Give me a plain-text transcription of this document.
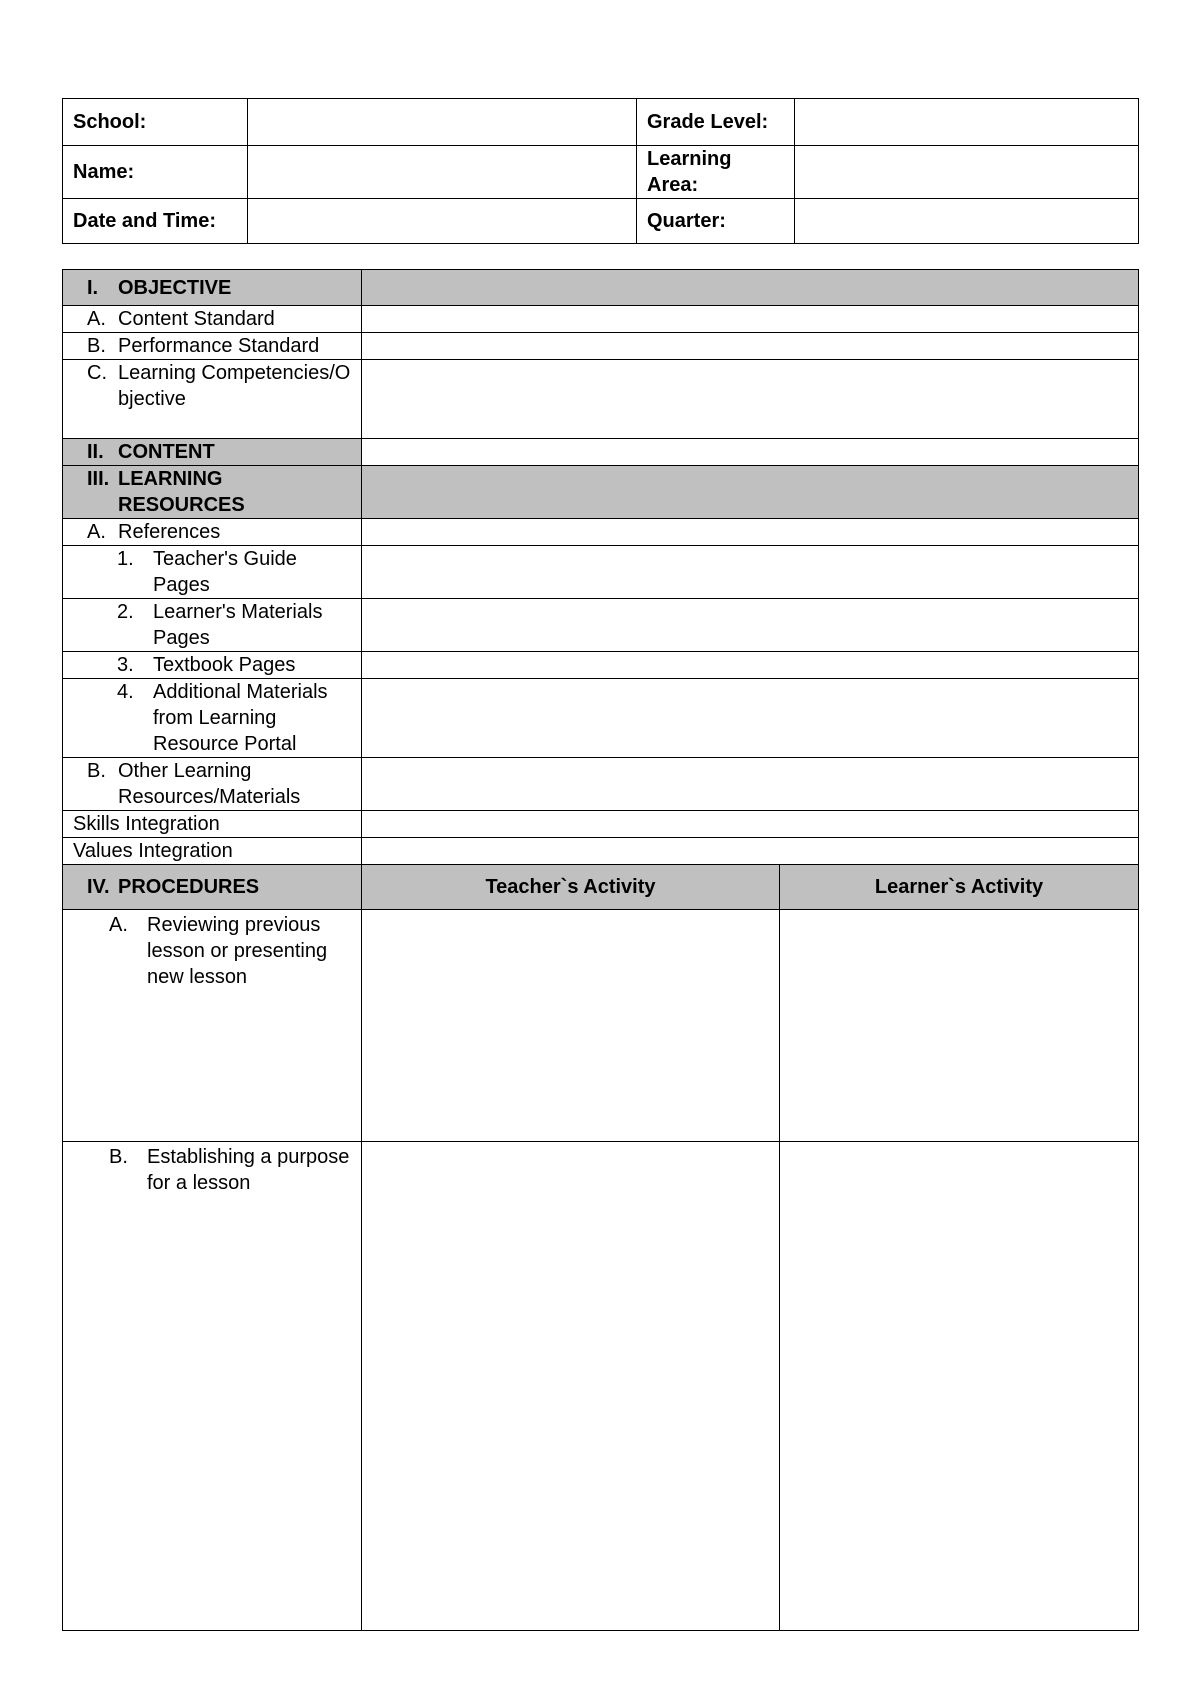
School:		Grade Level:	
Name:		Learning Area:	
Date and Time:		Quarter:	
I. OBJECTIVE		

A. Content Standard		

B. Performance Standard		

C. Learning Competencies/Objective		

II. CONTENT		

III. LEARNING RESOURCES		

A. References		

1. Teacher's Guide Pages		

2. Learner's Materials Pages		

3. Textbook Pages		

4. Additional Materials from Learning Resource Portal		

B. Other Learning Resources/Materials		
Skills Integration		
Values Integration		

IV. PROCEDURES	Teacher`s Activity	Learner`s Activity

A. Reviewing previous lesson or presenting new lesson		

B. Establishing a purpose for a lesson		
